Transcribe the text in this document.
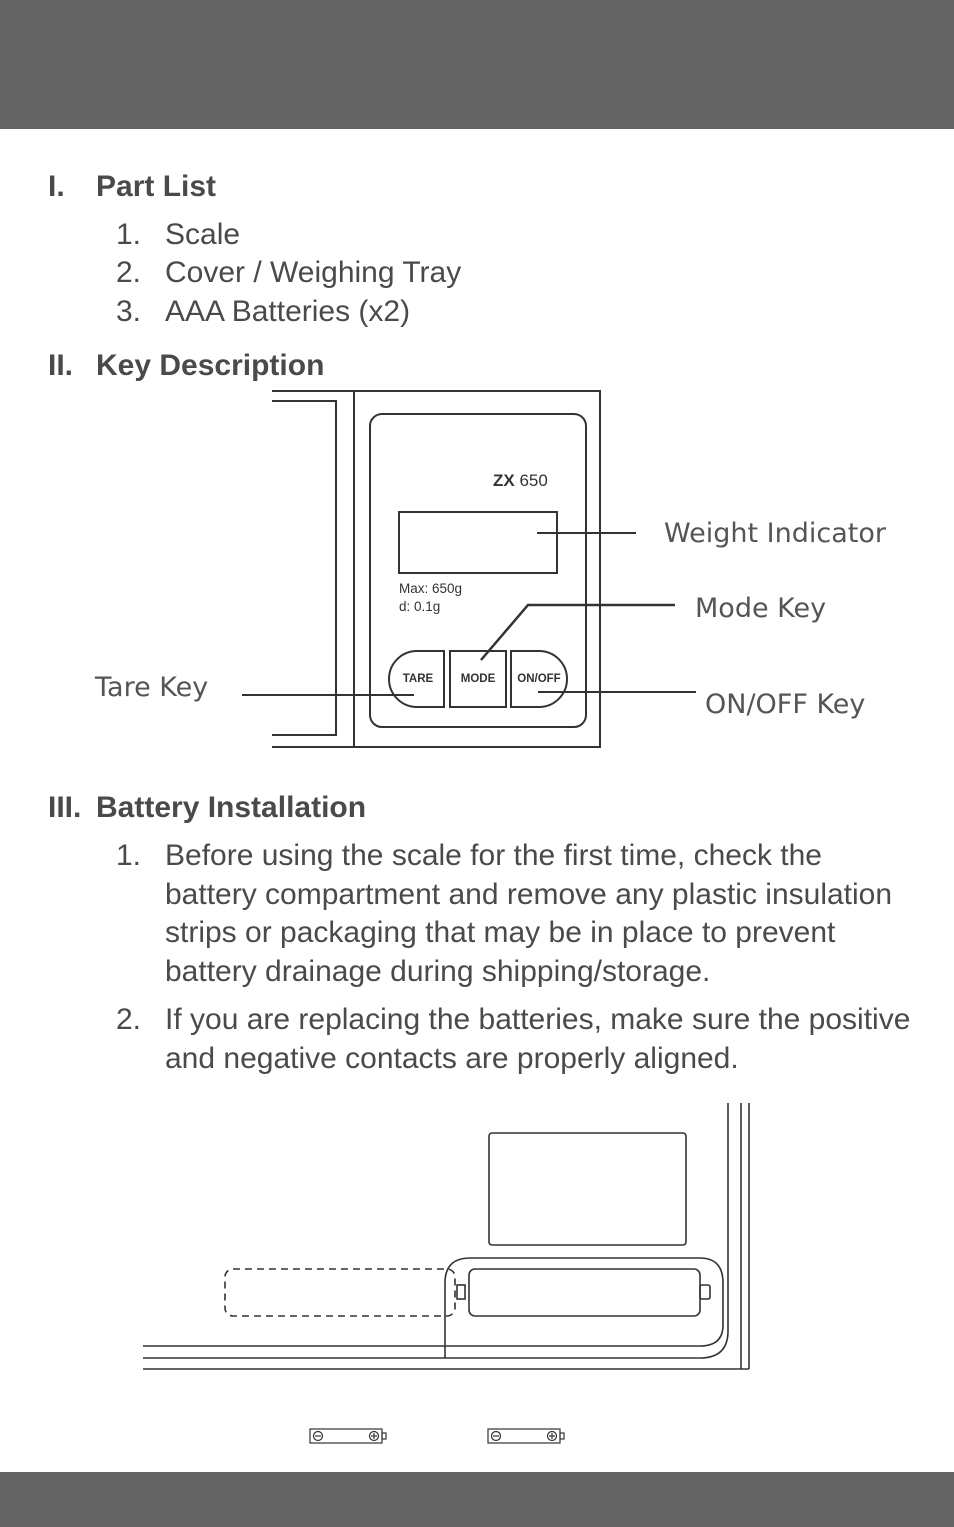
I. Part List
1. Scale
2. Cover / Weighing Tray
3. AAA Batteries (x2)
II. Key Description
ZX 650
Max: 650g
d: 0.1g
TARE	MODE	ON/OFF
Weight Indicator
Mode Key
Tare Key
ON/OFF Key
III. Battery Installation
1. Before using the scale for the first time, check the battery compartment and remove any plastic insulation strips or packaging that may be in place to prevent battery drainage during shipping/storage.
2. If you are replacing the batteries, make sure the positive and negative contacts are properly aligned.
